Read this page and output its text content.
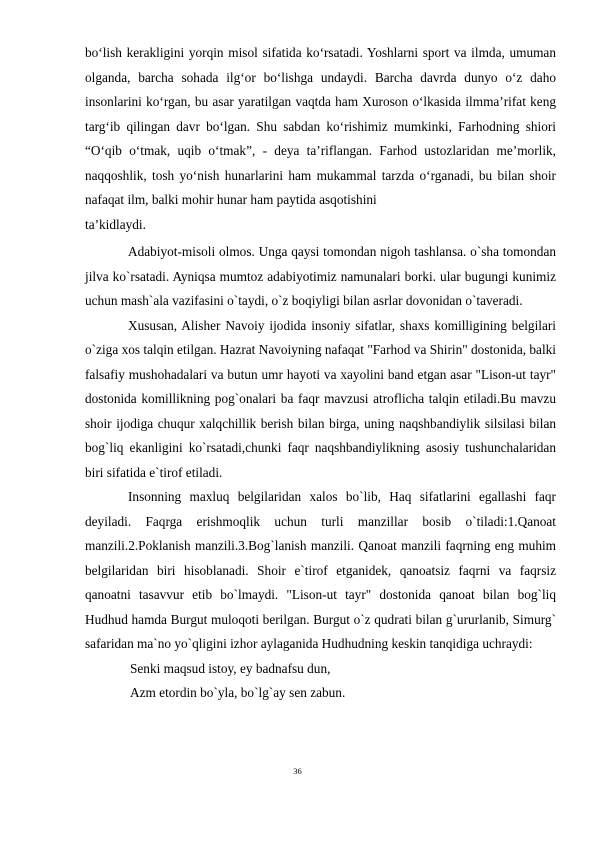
bo‘lish kerakligini yorqin misol sifatida ko‘rsatadi. Yoshlarni sport va ilmda, umuman olganda, barcha sohada ilg‘or bo‘lishga undaydi. Barcha davrda dunyo o‘z daho insonlarini ko‘rgan, bu asar yaratilgan vaqtda ham Xuroson o‘lkasida ilmma’rifat keng targ‘ib qilingan davr bo‘lgan. Shu sabdan ko‘rishimiz mumkinki, Farhodning shiori “O‘qib o‘tmak, uqib o‘tmak”, - deya ta’riflangan. Farhod ustozlaridan me’morlik, naqqoshlik, tosh yo‘nish hunarlarini ham mukammal tarzda o‘rganadi, bu bilan shoir nafaqat ilm, balki mohir hunar ham paytida asqotishini

ta’kidlaydi.

Adabiyot-misoli olmos. Unga qaysi tomondan nigoh tashlansa. o`sha tomondan jilva ko`rsatadi. Ayniqsa mumtoz adabiyotimiz namunalari borki. ular bugungi kunimiz uchun mash`ala vazifasini o`taydi, o`z boqiyligi bilan asrlar dovonidan o`taveradi.

Xususan, Alisher Navoiy ijodida insoniy sifatlar, shaxs komilligining belgilari o`ziga xos talqin etilgan. Hazrat Navoiyning nafaqat "Farhod va Shirin" dostonida, balki falsafiy mushohadalari va butun umr hayoti va xayolini band etgan asar "Lison-ut tayr" dostonida komillikning pog`onalari ba faqr mavzusi atroflicha talqin etiladi.Bu mavzu shoir ijodiga chuqur xalqchillik berish bilan birga, uning naqshbandiylik silsilasi bilan bog`liq ekanligini ko`rsatadi,chunki faqr naqshbandiylikning asosiy tushunchalaridan biri sifatida e`tirof etiladi.

Insonning maxluq belgilaridan xalos bo`lib, Haq sifatlarini egallashi faqr deyiladi. Faqrga erishmoqlik uchun turli manzillar bosib o`tiladi:1.Qanoat manzili.2.Poklanish manzili.3.Bog`lanish manzili. Qanoat manzili faqrning eng muhim belgilaridan biri hisoblanadi. Shoir e`tirof etganidek, qanoatsiz faqrni va faqrsiz qanoatni tasavvur etib bo`lmaydi. "Lison-ut tayr" dostonida qanoat bilan bog`liq Hudhud hamda Burgut muloqoti berilgan. Burgut o`z qudrati bilan g`ururlanib, Simurg` safaridan ma`no yo`qligini izhor aylaganida Hudhudning keskin tanqidiga uchraydi:

Senki maqsud istoy, ey badnafsu dun,

Azm etordin bo`yla, bo`lg`ay sen zabun.

36
